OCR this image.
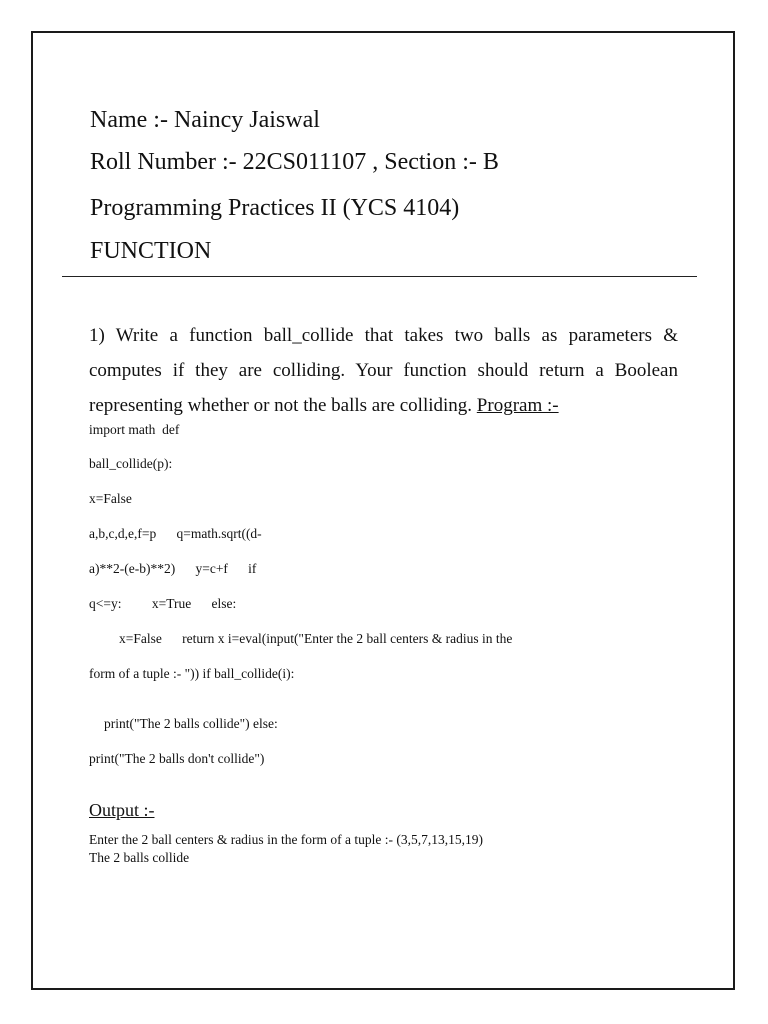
Name :- Naincy Jaiswal
Roll Number :- 22CS011107 , Section :- B
Programming Practices II (YCS 4104)
FUNCTION
1) Write a function ball_collide that takes two balls as parameters & computes if they are colliding. Your function should return a Boolean representing whether or not the balls are colliding. Program :-
import math  def
ball_collide(p):
x=False
a,b,c,d,e,f=p      q=math.sqrt((d-
a)**2-(e-b)**2)      y=c+f      if
q<=y:         x=True      else:
x=False      return x i=eval(input("Enter the 2 ball centers & radius in the
form of a tuple :- ")) if ball_collide(i):
print("The 2 balls collide") else:
print("The 2 balls don't collide")
Output :-
Enter the 2 ball centers & radius in the form of a tuple :- (3,5,7,13,15,19)
The 2 balls collide
